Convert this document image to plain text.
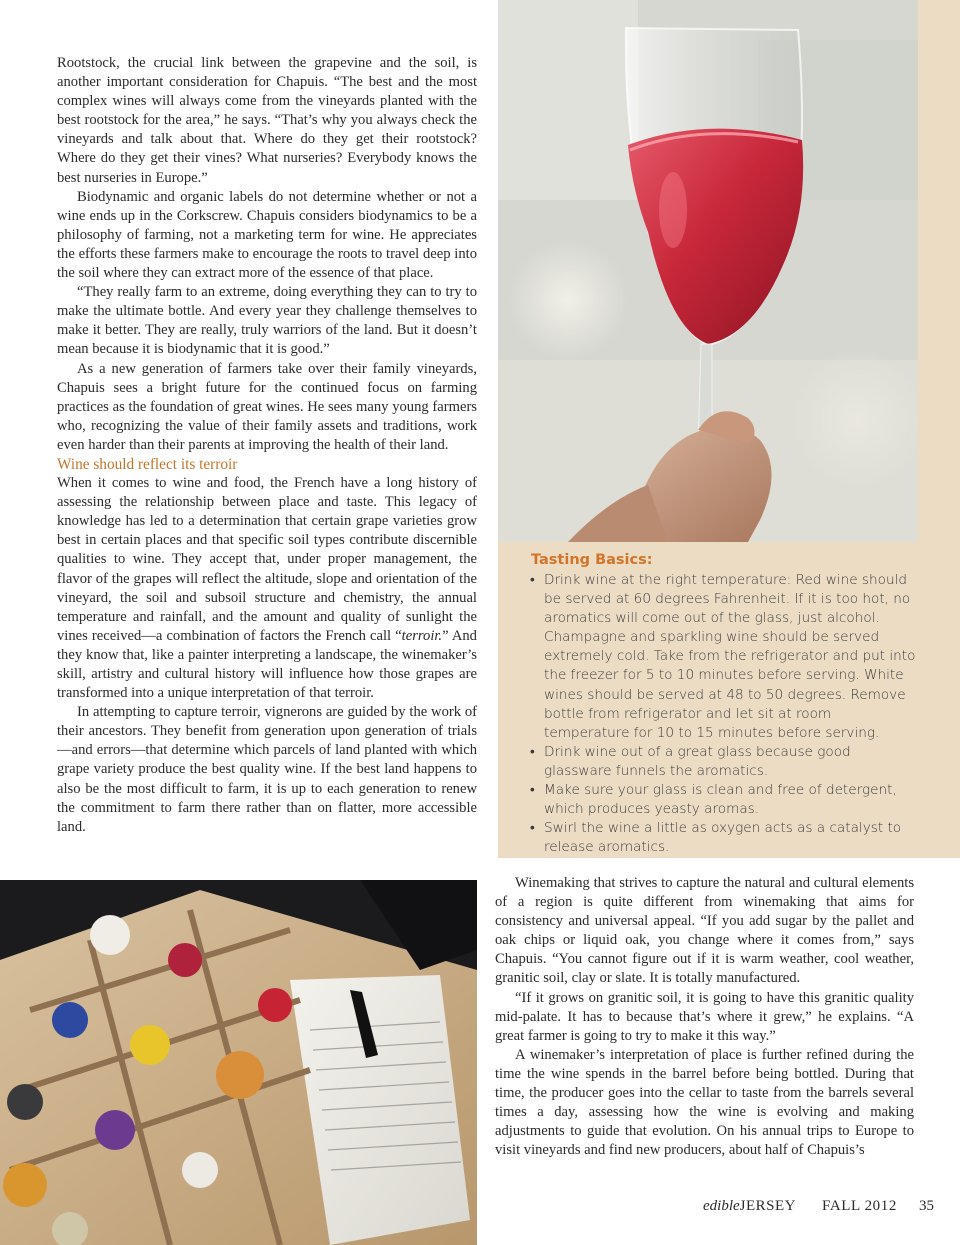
Rootstock, the crucial link between the grapevine and the soil, is another important consideration for Chapuis. “The best and the most complex wines will always come from the vineyards planted with the best rootstock for the area,” he says. “That’s why you always check the vineyards and talk about that. Where do they get their rootstock? Where do they get their vines? What nurseries? Everybody knows the best nurseries in Europe.”

Biodynamic and organic labels do not determine whether or not a wine ends up in the Corkscrew. Chapuis considers biodynamics to be a philosophy of farming, not a marketing term for wine. He appreciates the efforts these farmers make to encourage the roots to travel deep into the soil where they can extract more of the essence of that place.

“They really farm to an extreme, doing everything they can to try to make the ultimate bottle. And every year they challenge themselves to make it better. They are really, truly warriors of the land. But it doesn’t mean because it is biodynamic that it is good.”

As a new generation of farmers take over their family vineyards, Chapuis sees a bright future for the continued focus on farming practices as the foundation of great wines. He sees many young farmers who, recognizing the value of their family assets and traditions, work even harder than their parents at improving the health of their land.

Wine should reflect its terroir

When it comes to wine and food, the French have a long history of assessing the relationship between place and taste. This legacy of knowledge has led to a determination that certain grape varieties grow best in certain places and that specific soil types contribute discernible qualities to wine. They accept that, under proper management, the flavor of the grapes will reflect the altitude, slope and orientation of the vineyard, the soil and subsoil structure and chemistry, the annual temperature and rainfall, and the amount and quality of sunlight the vines received—a combination of factors the French call “terroir.” And they know that, like a painter interpreting a landscape, the winemaker’s skill, artistry and cultural history will influence how those grapes are transformed into a unique interpretation of that terroir.

In attempting to capture terroir, vignerons are guided by the work of their ancestors. They benefit from generation upon generation of trials—and errors—that determine which parcels of land planted with which grape variety produce the best quality wine. If the best land happens to also be the most difficult to farm, it is up to each generation to renew the commitment to farm there rather than on flatter, more accessible land.

Tasting Basics:
• Drink wine at the right temperature: Red wine should be served at 60 degrees Fahrenheit. If it is too hot, no aromatics will come out of the glass, just alcohol. Champagne and sparkling wine should be served extremely cold. Take from the refrigerator and put into the freezer for 5 to 10 minutes before serving. White wines should be served at 48 to 50 degrees. Remove bottle from refrigerator and let sit at room temperature for 10 to 15 minutes before serving.
• Drink wine out of a great glass because good glassware funnels the aromatics.
• Make sure your glass is clean and free of detergent, which produces yeasty aromas.
• Swirl the wine a little as oxygen acts as a catalyst to release aromatics.

Winemaking that strives to capture the natural and cultural elements of a region is quite different from winemaking that aims for consistency and universal appeal. “If you add sugar by the pallet and oak chips or liquid oak, you change where it comes from,” says Chapuis. “You cannot figure out if it is warm weather, cool weather, granitic soil, clay or slate. It is totally manufactured.

“If it grows on granitic soil, it is going to have this granitic quality mid-palate. It has to because that’s where it grew,” he explains. “A great farmer is going to try to make it this way.”

A winemaker’s interpretation of place is further refined during the time the wine spends in the barrel before being bottled. During that time, the producer goes into the cellar to taste from the barrels several times a day, assessing how the wine is evolving and making adjustments to guide that evolution. On his annual trips to Europe to visit vineyards and find new producers, about half of Chapuis’s

edibleJERSEY FALL 2012 35
